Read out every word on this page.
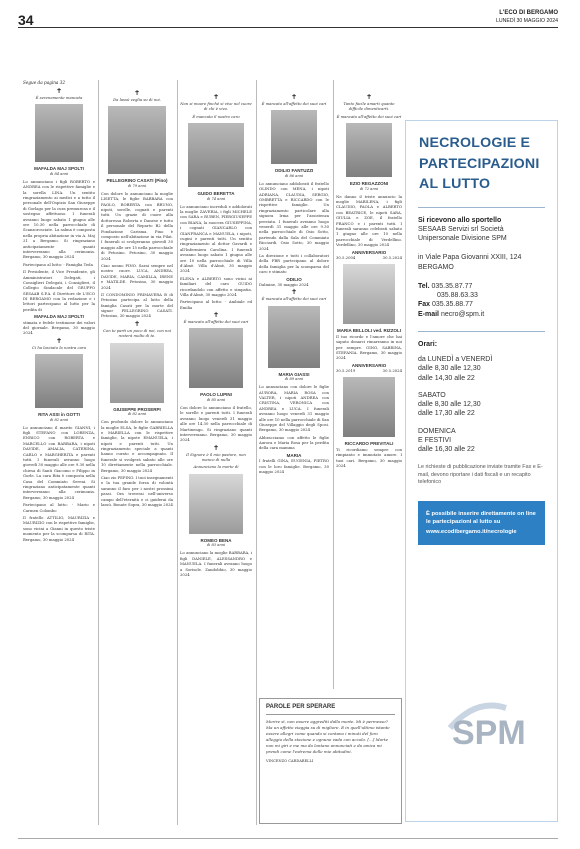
34	L'ECO DI BERGAMO
LUNEDÌ 30 MAGGIO 2024
Segue da pagina 32
✝

È serenamente mancata

MAFALDA MAJ SPOLTI
di 84 anni

Lo annunciano i figli ROBERTO e ANDREA con le rispettive famiglie e la sorella LINA. Un sentito ringraziamento ai medici e a tutto il personale dell'Ospizio San Giuseppe di Gorlago per la cura premurosa e il sostegno affettuoso. I funerali avranno luogo sabato 1 giugno alle ore 10.30 nella parrocchiale di Scanzorosciate. La salma è composta nella propria abitazione in via A. Maj 21 a Bergamo. Si ringraziano anticipatamente quanti interverranno alla cerimonia. Bergamo, 30 maggio 2024

Partecipano al lutto: - Famiglia Teda

Il Presidente, il Vice Presidente, gli Amministratori Delegati, i Consiglieri Delegati, i Consiglieri, il Collegio Sindacale del GRUPPO SESAAB S.P.A. il Direttore de L'ECO DI BERGAMO con la redazione e i lettori partecipano al lutto per la perdita di

MAFALDA MAJ SPOLTI

stimata e fedele testimone dei valori del giornale. Bergamo, 30 maggio 2024

✝

Ci ha lasciato la nostra cara

RITA ASSI in GOTTI
di 82 anni

Lo annunciano il marito GIANNI, i figli STEFANO con LORENZA, ENRICO con ROBERTA e MARCELLO con BARBARA, i nipoti DAVIDE, AMALIA, CATERINA, CARLO e MARGHERITA e parenti tutti. I funerali avranno luogo giovedì 30 maggio alle ore 9.30 nella chiesa di Santi Giacomo e Filippo in Gorle. La cara Rita è composta nella Casa del Commiato Sereni. Si ringraziano anticipatamente quanti interverranno alla cerimonia. Bergamo, 30 maggio 2024

Partecipano al lutto: - Mario e Carmen Colombo

Il fratello ATTILIO, MAURIZIA e MAURIZIO con le rispettive famiglie, sono vicini a Gianni in questo triste momento per la scomparsa di RITA. Bergamo, 30 maggio 2024

✝

Da lassù veglia su di noi.

PELLEGRINO CASATI (Pino)
di 79 anni

Con dolore lo annunciano la moglie LISETTA, le figlie BARBARA con PAOLO, ROBERTA con BRUNO, nipoti, sorelle, cognati e parenti tutti. Un grazie di cuore alla dottoressa Roberta e Danese e tutto il personale del Reparto B2 della Fondazione Carisma. Pino è composto nell'abitazione in via Pilat. I funerali si svolgeranno giovedì 30 maggio alle ore 15 nella parrocchiale di Petosino. Petosino, 30 maggio 2024

Ciao nonno PINO. Sarai sempre nel nostro cuore. LUCA, ANDREA, DAVIDE, MARIA, CAMILLA, IRENE e MATILDE. Petosino, 30 maggio 2024

Il CONDOMINIO FRIMAVERA B di Petosino partecipa al lutto della famiglia Casati per la morte del signor PELLEGRINO CASATI. Petosino, 30 maggio 2024

✝

Con te parti un poco di noi, con noi resterà molto di te.

GIUSEPPE PROSERPI
di 82 anni

Con profondo dolore lo annunciano la moglie ELSA, le figlie GABRIELLA e MARIELLA con le rispettive famiglie, la nipote EMANUELA, i nipoti e parenti tutti. Un ringraziamento speciale a quanti hanno curato e accompagnato. Il funerale si svolgerà sabato alle ore 10 direttamente nella parrocchiale. Bergamo, 30 maggio 2024

Ciao zio PEPINO. I tuoi insegnamenti e la tua grande forza di volontà saranno il faro per i nostri prossimi passi. Ora troverai nell'universo campo dell'eternità e ci guiderai da lassù. Bonate Sopra, 30 maggio 2024

✝

Non si muore finché si vive nel cuore di chi è vivo.

È mancato il nostro caro

GUIDO BERETTA
di 74 anni

Lo annunciano increduli e addolorati la moglie ZAVERIA, i figli MICHELE con SARA e RUBEN, PIERGIUSEPPE con BIANA, la suocera GIUSEPPINA, i cognati GIANCARLO con GIANFRANCA e MANUELA, i nipoti, cugini e parenti tutti. Un sentito ringraziamento al dottor Gavardi e all'Infermiera Carolina. I funerali avranno luogo sabato 1 giugno alle ore 10 nella parrocchiale di Villa d'Almè. Villa d'Almè, 30 maggio 2024

ELENA e ALBERTO sono vicini ai familiari del caro GUIDO ricordandolo con affetto e simpatia. Villa d'Almè, 30 maggio 2024

Partecipano al lutto: - Ambiale ed Emilia

✝

È mancato all'affetto dei suoi cari

PAOLO LUPINI
di 85 anni

Con dolore lo annunciano il fratello, le sorelle e parenti tutti. I funerali avranno luogo venerdì 31 maggio alle ore 14.30 nella parrocchiale di Martinengo. Si ringraziano quanti interverranno. Bergamo, 30 maggio 2024

✝

Il Signore è il mio pastore, non manco di nulla

Annunciano la morte di

ROMEO BENA
di 83 anni

Lo annunciano la moglie BARBARA, i figli DANIELE, ALESSANDRO e MANUELA. I funerali avranno luogo a Sorisole. Zandobbio, 30 maggio 2024

✝

È mancato all'affetto dei suoi cari

ODILIO FANTUZZI
di 86 anni

Lo annunciano addolorati il fratello OLINDO con MENA, i nipoti ADRIANA, CLAUDIA, SERGIO, OMBRETTA e RICCARDO con le rispettive famiglie. Un ringraziamento particolare alla signora Irma per l'assistenza prestata. I funerali avranno luogo venerdì 31 maggio alle ore 9.30 nella parrocchiale di Osio Sotto, partendo dalla Sala del Commiato Ricciardi. Osio Sotto, 30 maggio 2024

La direzione e tutti i collaboratori della FBR partecipano al dolore della famiglia per la scomparsa del caro e stimato

ODILIO

Dalmine, 30 maggio 2024

✝

È mancata all'affetto dei suoi cari

MARIA GIASSI
di 89 anni

Lo annunciano con dolore le figlie AURORA, MARIA ROSA con VALTER, i nipoti ANDREA con CRISTINA, VERONICA con ANDREA e LUCA. I funerali avranno luogo venerdì 31 maggio alle ore 10 nella parrocchiale di San Giuseppe del Villaggio degli Sposi. Bergamo, 30 maggio 2024

Abbracciamo con affetto le figlie Aurora e Maria Rosa per la perdita della cara mamma

MARIA

I fratelli GINA, EUGENIA, PIETRO con le loro famiglie. Bergamo, 30 maggio 2024

✝

Tanto facile amarti quanto difficile dimenticarti.

È mancato all'affetto dei suoi cari

EZIO REGAZZONI
di 72 anni

Ne danno il triste annuncio la moglie MARILENA, i figli CLAUDIO, PAOLA e ALBERTO con BEATRICE, le nipoti SARA, GIULIA e ZOE, il fratello FRANCO e i parenti tutti. I funerali saranno celebrati sabato 1 giugno alle ore 10 nella parrocchiale di Verdellino. Verdellino, 30 maggio 2024

ANNIVERSARIO
30.5.2004	30.5.2024
MARIA BELLOLI ved. RIZZOLI

Il tuo ricordo e l'amore che hai saputo donarci rimarranno in noi per sempre. GINO, SABRINA, STEFANIA. Bergamo, 30 maggio 2024

ANNIVERSARIO
30.5.2019	30.5.2024
RICCARDO PREVITALI

Ti ricordiamo sempre con rimpianto e immutato amore. I tuoi cari. Bergamo, 30 maggio 2024

PAROLE PER SPERARE

Morire sì, non essere aggrediti dalla morte. Mi è permesso? Ma un affetto viaggia su di migliore. E in quell'ultimo istante essere allegri come quando si contano i minuti del foro alleggio della stazione e ognuno vada con accolo. [...] Morte non mi giri e me ma da lontano annunciati e da amica mi prendi come l'estrema delle mie abitudini.

VINCENZO CARDARELLI

NECROLOGIE E
PARTECIPAZIONI
AL LUTTO
Si ricevono allo sportello
SESAAB Servizi srl Società Unipersonale Divisione SPM
in Viale Papa Giovanni XXIII, 124 BERGAMO
Tel. 035.35.87.77
035.88.63.33
Fax 035.35.88.77
E-mail necro@spm.it
Orari:
da LUNEDÌ a VENERDÌ
dalle 8,30 alle 12,30
dalle 14,30 alle 22
SABATO
dalle 8,30 alle 12,30
dalle 17,30 alle 22
DOMENICA
E FESTIVI
dalle 16,30 alle 22
Le richieste di pubblicazione inviate tramite Fax e E-mail, devono riportare i dati fiscali e un recapito telefonico
È possibile inserire direttamente on line le partecipazioni al lutto su
www.ecodibergamo.it/necrologie
SPM
